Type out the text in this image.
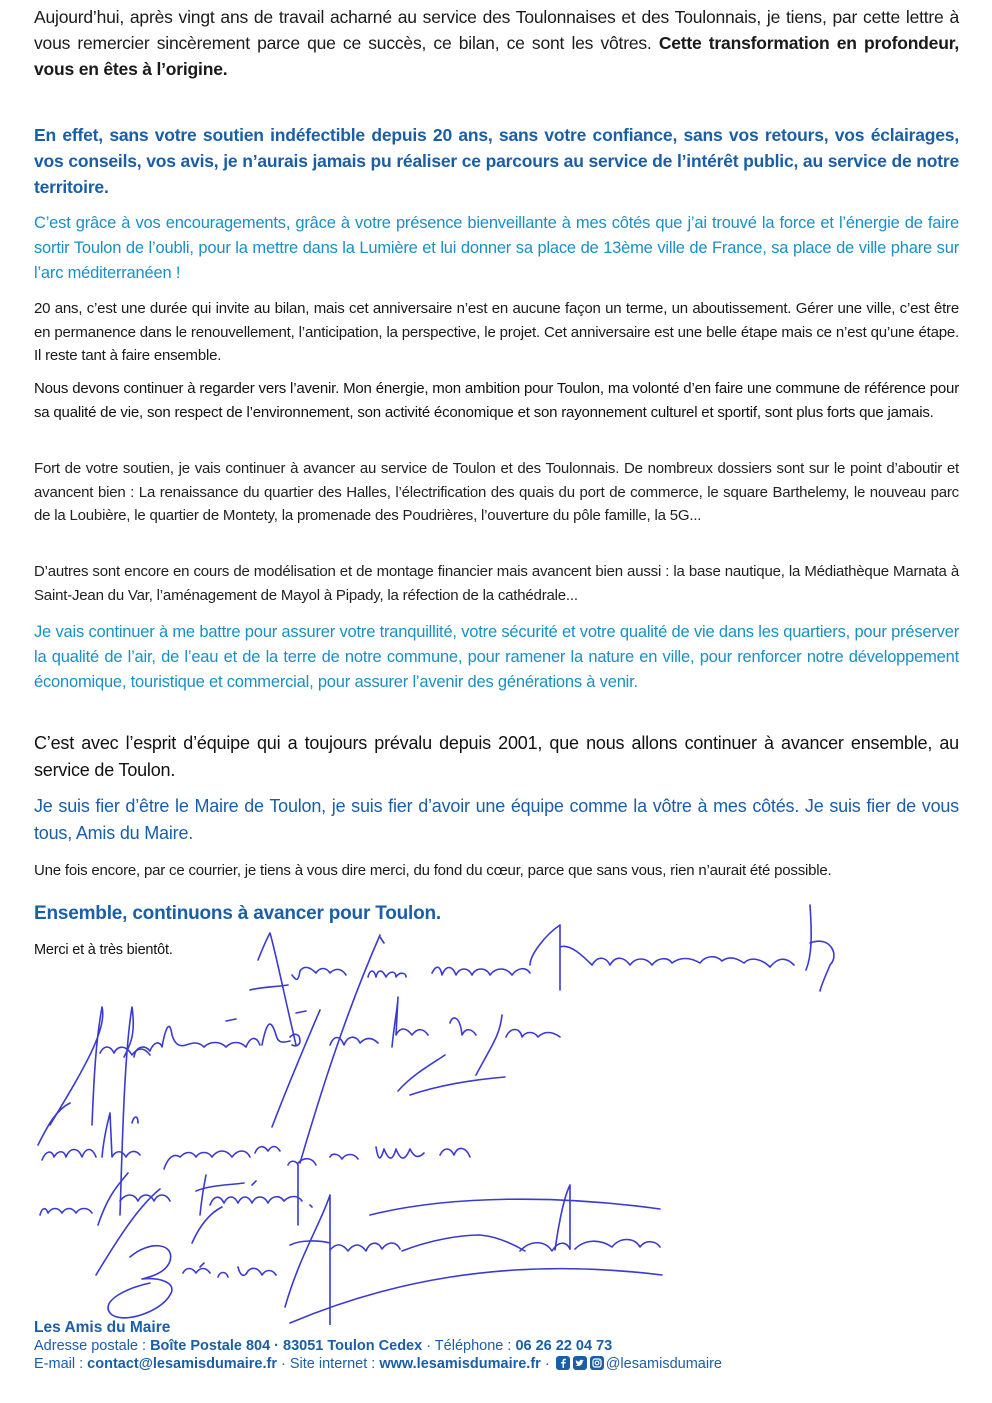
Aujourd’hui, après vingt ans de travail acharné au service des Toulonnaises et des Toulonnais, je tiens, par cette lettre à vous remercier sincèrement parce que ce succès, ce bilan, ce sont les vôtres. Cette transformation en profondeur, vous en êtes à l’origine.

En effet, sans votre soutien indéfectible depuis 20 ans, sans votre confiance, sans vos retours, vos éclairages, vos conseils, vos avis, je n’aurais jamais pu réaliser ce parcours au service de l’intérêt public, au service de notre territoire.

C’est grâce à vos encouragements, grâce à votre présence bienveillante à mes côtés que j’ai trouvé la force et l’énergie de faire sortir Toulon de l’oubli, pour la mettre dans la Lumière et lui donner sa place de 13ème ville de France, sa place de ville phare sur l’arc méditerranéen !

20 ans, c’est une durée qui invite au bilan, mais cet anniversaire n’est en aucune façon un terme, un aboutissement. Gérer une ville, c’est être en permanence dans le renouvellement, l’anticipation, la perspective, le projet. Cet anniversaire est une belle étape mais ce n’est qu’une étape. Il reste tant à faire ensemble.

Nous devons continuer à regarder vers l’avenir. Mon énergie, mon ambition pour Toulon, ma volonté d’en faire une commune de référence pour sa qualité de vie, son respect de l’environnement, son activité économique et son rayonnement culturel et sportif, sont plus forts que jamais.

Fort de votre soutien, je vais continuer à avancer au service de Toulon et des Toulonnais. De nombreux dossiers sont sur le point d’aboutir et avancent bien : La renaissance du quartier des Halles, l’électrification des quais du port de commerce, le square Barthelemy, le nouveau parc de la Loubière, le quartier de Montety, la promenade des Poudrières, l’ouverture du pôle famille, la 5G...

D’autres sont encore en cours de modélisation et de montage financier mais avancent bien aussi : la base nautique, la Médiathèque Marnata à Saint-Jean du Var, l’aménagement de Mayol à Pipady, la réfection de la cathédrale...

Je vais continuer à me battre pour assurer votre tranquillité, votre sécurité et votre qualité de vie dans les quartiers, pour préserver la qualité de l’air, de l’eau et de la terre de notre commune, pour ramener la nature en ville, pour renforcer notre développement économique, touristique et commercial, pour assurer l’avenir des générations à venir.

C’est avec l’esprit d’équipe qui a toujours prévalu depuis 2001, que nous allons continuer à avancer ensemble, au service de Toulon.

Je suis fier d’être le Maire de Toulon, je suis fier d’avoir une équipe comme la vôtre à mes côtés. Je suis fier de vous tous, Amis du Maire.

Une fois encore, par ce courrier, je tiens à vous dire merci, du fond du cœur, parce que sans vous, rien n’aurait été possible.

Ensemble, continuons à avancer pour Toulon.

Merci et à très bientôt.

Les Amis du Maire
Adresse postale : Boîte Postale 804 · 83051 Toulon Cedex · Téléphone : 06 26 22 04 73
E-mail : contact@lesamisdumaire.fr · Site internet : www.lesamisdumaire.fr ·	@lesamisdumaire
